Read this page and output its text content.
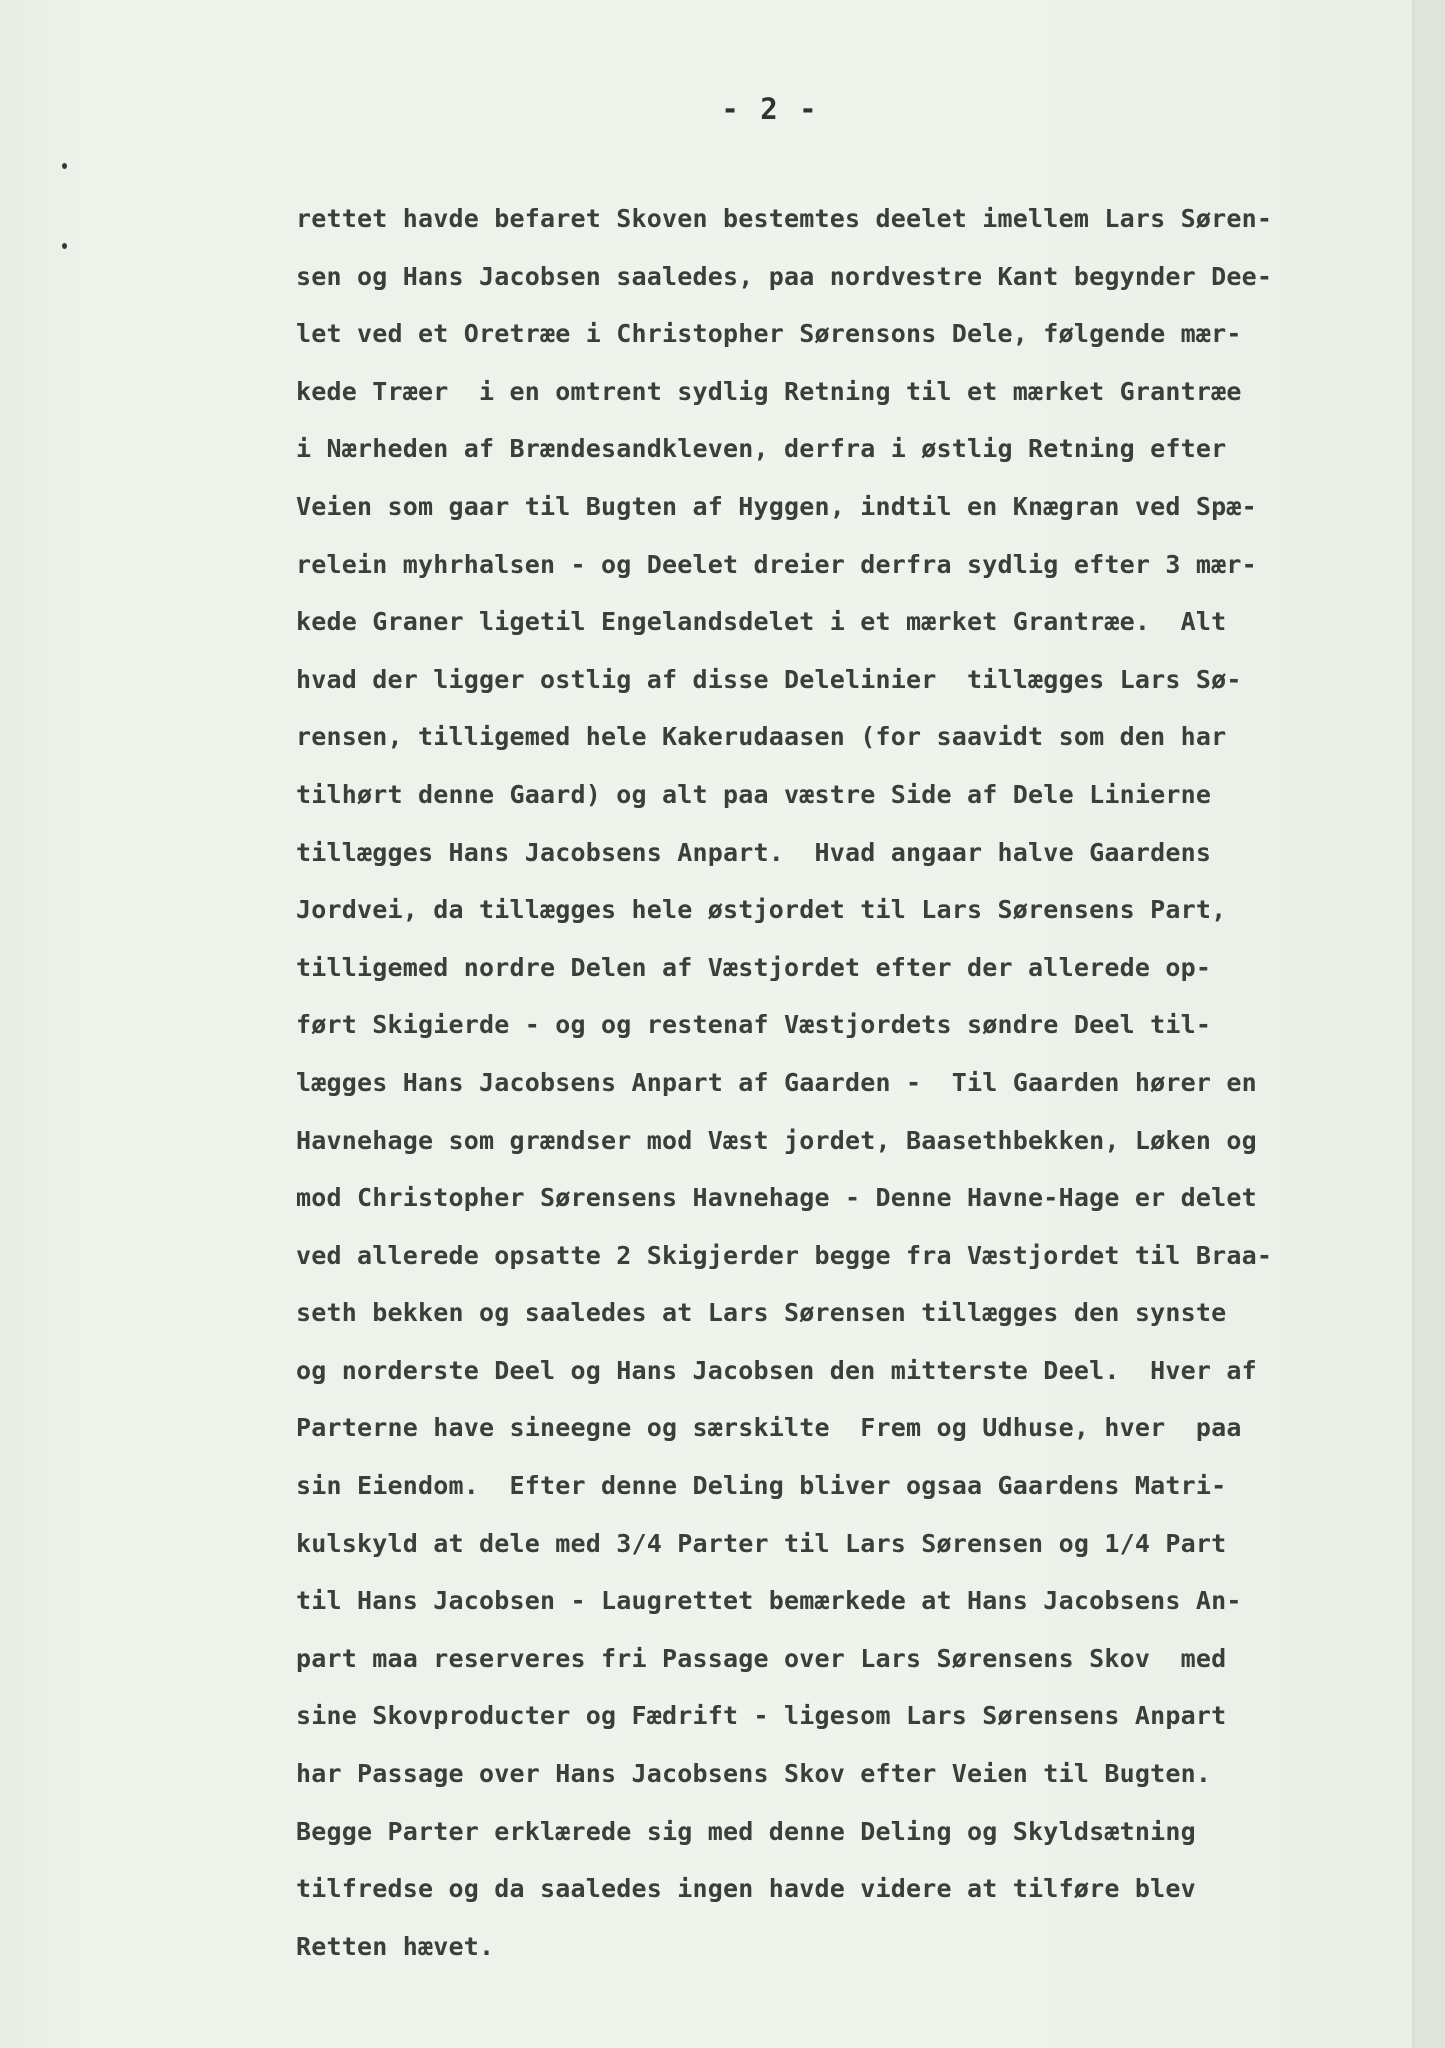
- 2 -
rettet havde befaret Skoven bestemtes deelet imellem Lars Søren-
sen og Hans Jacobsen saaledes, paa nordvestre Kant begynder Dee-
let ved et Oretræe i Christopher Sørensons Dele, følgende mær-
kede Træer  i en omtrent sydlig Retning til et mærket Grantræe
i Nærheden af Brændesandkleven, derfra i østlig Retning efter
Veien som gaar til Bugten af Hyggen, indtil en Knægran ved Spæ-
relein myhrhalsen - og Deelet dreier derfra sydlig efter 3 mær-
kede Graner ligetil Engelandsdelet i et mærket Grantræe.  Alt
hvad der ligger ostlig af disse Delelinier  tillægges Lars Sø-
rensen, tilligemed hele Kakerudaasen (for saavidt som den har
tilhørt denne Gaard) og alt paa væstre Side af Dele Linierne
tillægges Hans Jacobsens Anpart.  Hvad angaar halve Gaardens
Jordvei, da tillægges hele østjordet til Lars Sørensens Part,
tilligemed nordre Delen af Væstjordet efter der allerede op-
ført Skigierde - og og restenaf Væstjordets søndre Deel til-
lægges Hans Jacobsens Anpart af Gaarden -  Til Gaarden hører en
Havnehage som grændser mod Væst jordet, Baasethbekken, Løken og
mod Christopher Sørensens Havnehage - Denne Havne-Hage er delet
ved allerede opsatte 2 Skigjerder begge fra Væstjordet til Braa-
seth bekken og saaledes at Lars Sørensen tillægges den synste
og norderste Deel og Hans Jacobsen den mitterste Deel.  Hver af
Parterne have sineegne og særskilte  Frem og Udhuse, hver  paa
sin Eiendom.  Efter denne Deling bliver ogsaa Gaardens Matri-
kulskyld at dele med 3/4 Parter til Lars Sørensen og 1/4 Part
til Hans Jacobsen - Laugrettet bemærkede at Hans Jacobsens An-
part maa reserveres fri Passage over Lars Sørensens Skov  med
sine Skovproducter og Fædrift - ligesom Lars Sørensens Anpart
har Passage over Hans Jacobsens Skov efter Veien til Bugten.
Begge Parter erklærede sig med denne Deling og Skyldsætning
tilfredse og da saaledes ingen havde videre at tilføre blev
Retten hævet.
